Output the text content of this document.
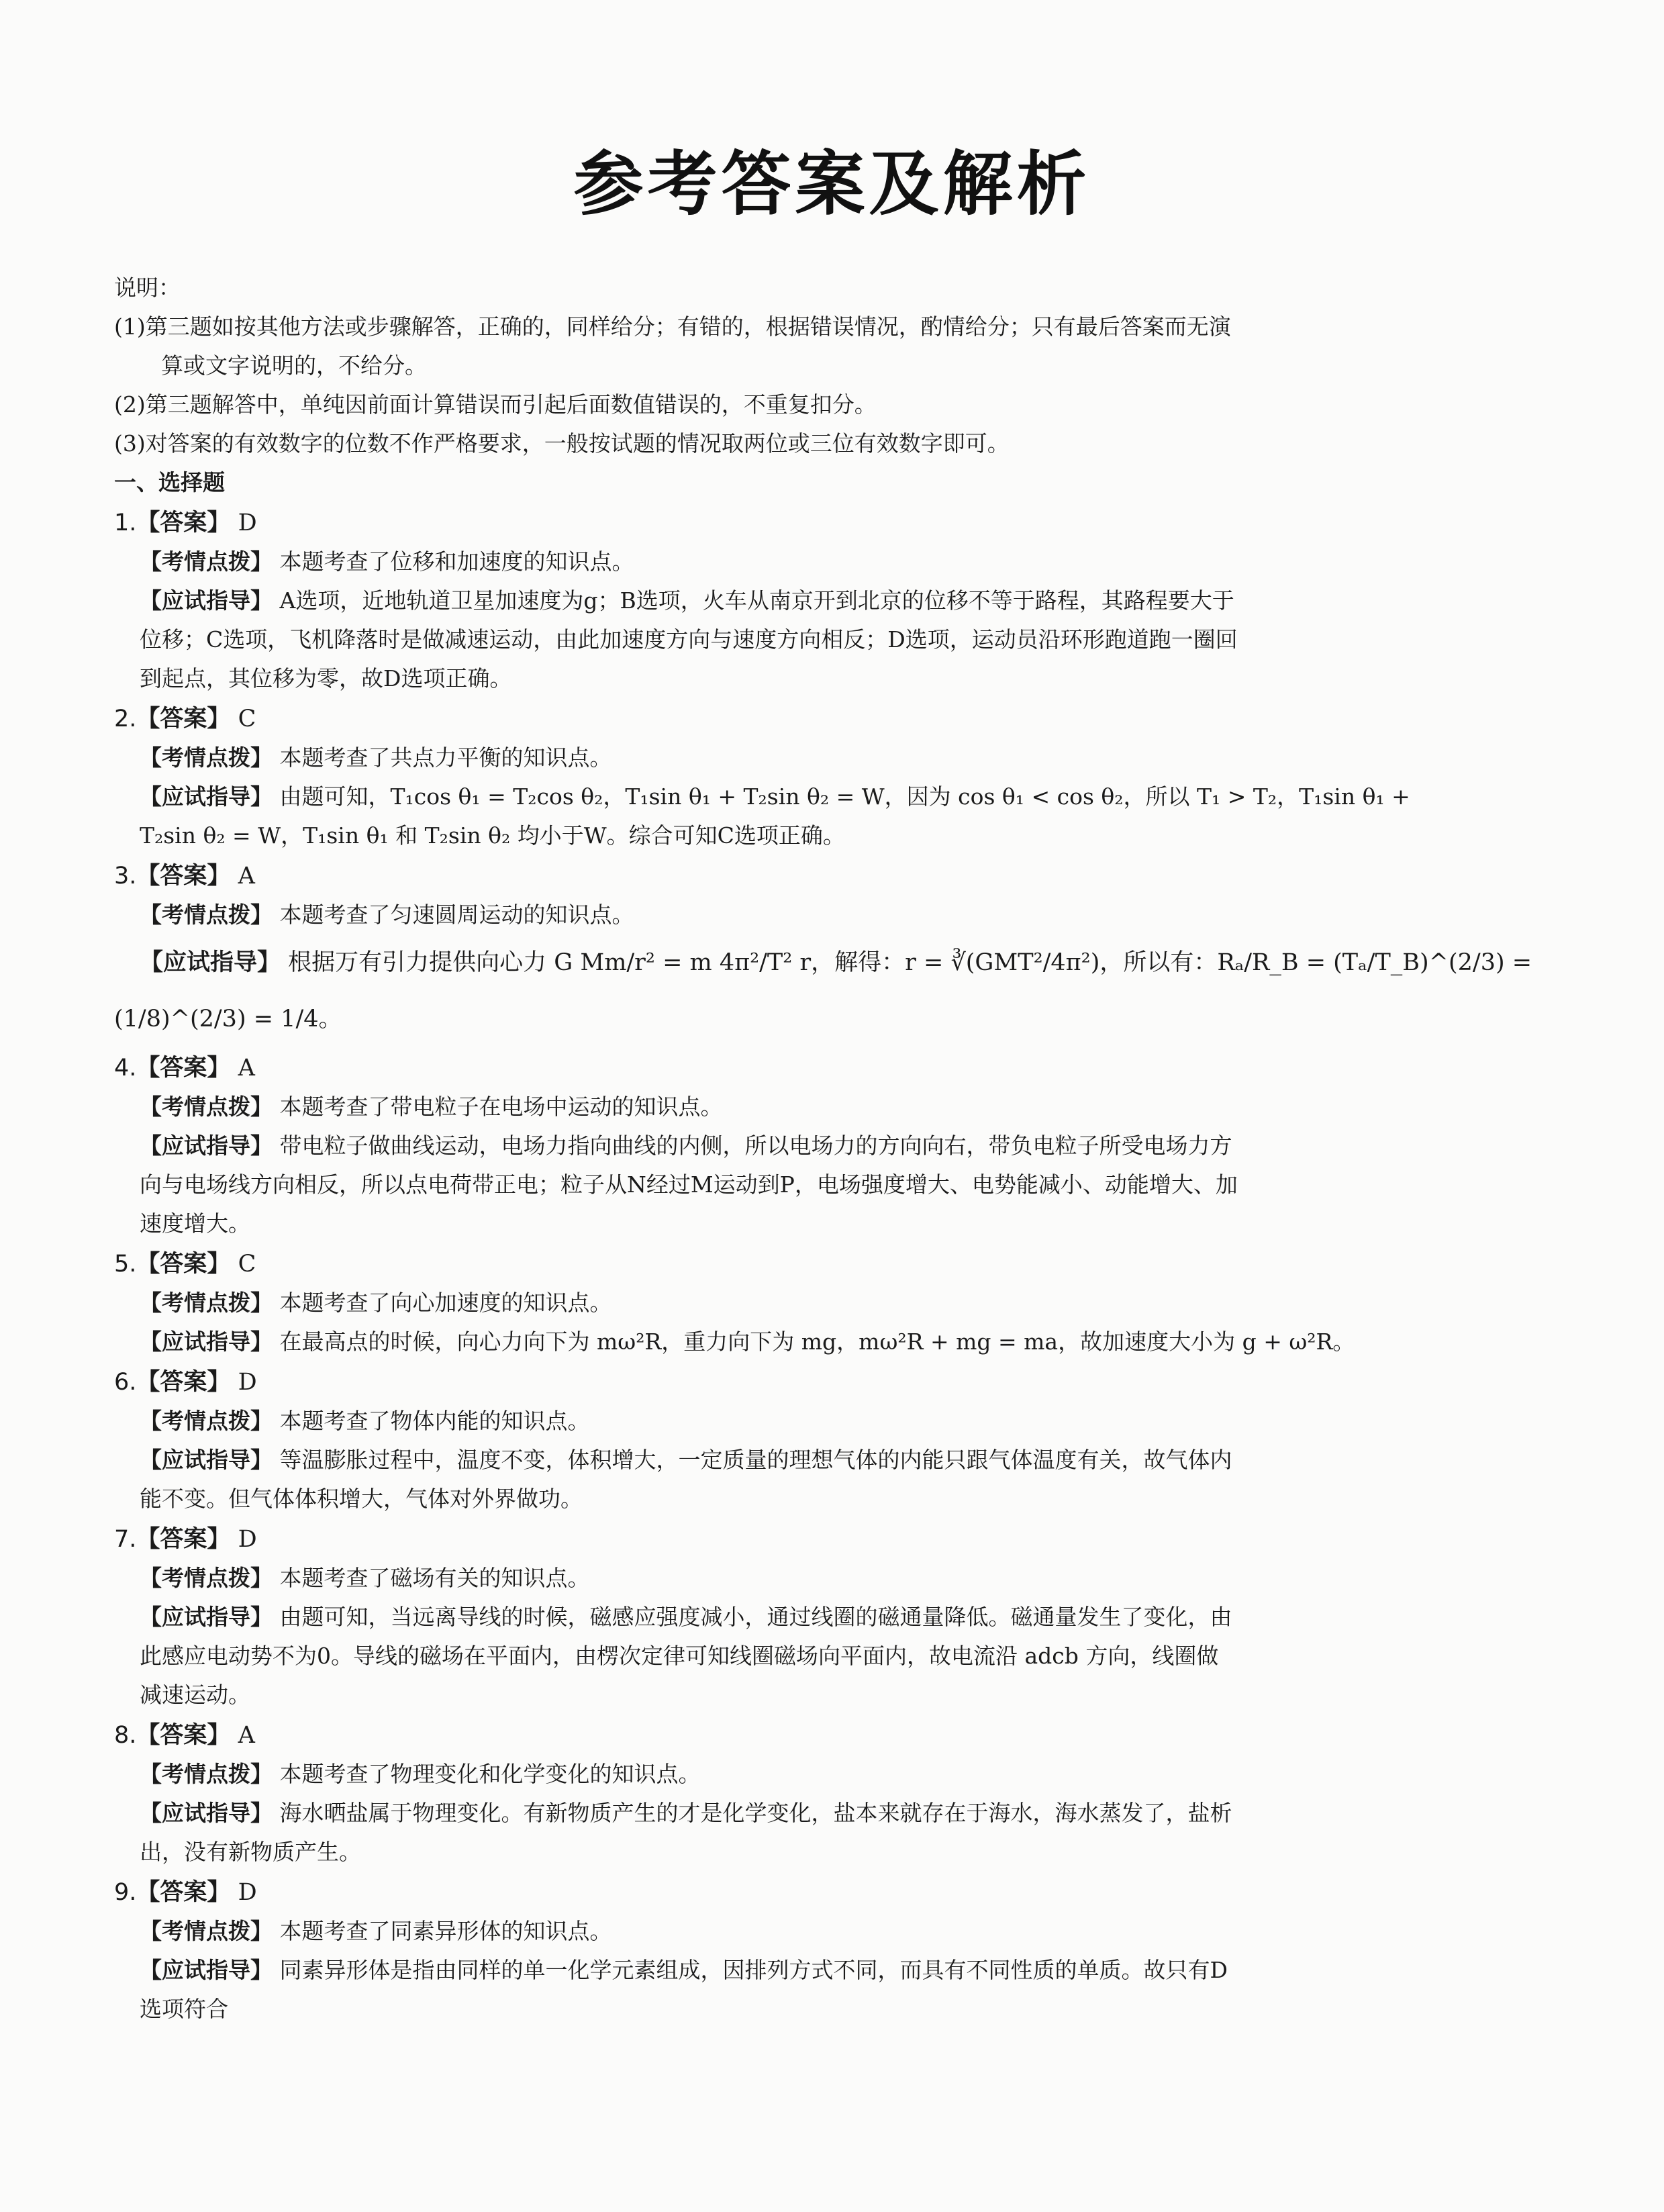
参考答案及解析
说明：
(1)第三题如按其他方法或步骤解答，正确的，同样给分；有错的，根据错误情况，酌情给分；只有最后答案而无演
算或文字说明的，不给分。
(2)第三题解答中，单纯因前面计算错误而引起后面数值错误的，不重复扣分。
(3)对答案的有效数字的位数不作严格要求，一般按试题的情况取两位或三位有效数字即可。
一、选择题
1.【答案】 D
【考情点拨】 本题考查了位移和加速度的知识点。
【应试指导】 A选项，近地轨道卫星加速度为g；B选项，火车从南京开到北京的位移不等于路程，其路程要大于
位移；C选项，飞机降落时是做减速运动，由此加速度方向与速度方向相反；D选项，运动员沿环形跑道跑一圈回
到起点，其位移为零，故D选项正确。
2.【答案】 C
【考情点拨】 本题考查了共点力平衡的知识点。
【应试指导】 由题可知，T₁cos θ₁ = T₂cos θ₂，T₁sin θ₁ + T₂sin θ₂ = W，因为 cos θ₁ < cos θ₂，所以 T₁ > T₂，T₁sin θ₁ +
T₂sin θ₂ = W，T₁sin θ₁ 和 T₂sin θ₂ 均小于W。综合可知C选项正确。
3.【答案】 A
【考情点拨】 本题考查了匀速圆周运动的知识点。
【应试指导】 根据万有引力提供向心力 G Mm/r² = m 4π²/T² r，解得：r = ∛(GMT²/4π²)，所以有：Rₐ/R_B = (Tₐ/T_B)^(2/3) =
(1/8)^(2/3) = 1/4。
4.【答案】 A
【考情点拨】 本题考查了带电粒子在电场中运动的知识点。
【应试指导】 带电粒子做曲线运动，电场力指向曲线的内侧，所以电场力的方向向右，带负电粒子所受电场力方
向与电场线方向相反，所以点电荷带正电；粒子从N经过M运动到P，电场强度增大、电势能减小、动能增大、加
速度增大。
5.【答案】 C
【考情点拨】 本题考查了向心加速度的知识点。
【应试指导】 在最高点的时候，向心力向下为 mω²R，重力向下为 mg，mω²R + mg = ma，故加速度大小为 g + ω²R。
6.【答案】 D
【考情点拨】 本题考查了物体内能的知识点。
【应试指导】 等温膨胀过程中，温度不变，体积增大，一定质量的理想气体的内能只跟气体温度有关，故气体内
能不变。但气体体积增大，气体对外界做功。
7.【答案】 D
【考情点拨】 本题考查了磁场有关的知识点。
【应试指导】 由题可知，当远离导线的时候，磁感应强度减小，通过线圈的磁通量降低。磁通量发生了变化，由
此感应电动势不为0。导线的磁场在平面内，由楞次定律可知线圈磁场向平面内，故电流沿 adcb 方向，线圈做
减速运动。
8.【答案】 A
【考情点拨】 本题考查了物理变化和化学变化的知识点。
【应试指导】 海水晒盐属于物理变化。有新物质产生的才是化学变化，盐本来就存在于海水，海水蒸发了，盐析
出，没有新物质产生。
9.【答案】 D
【考情点拨】 本题考查了同素异形体的知识点。
【应试指导】 同素异形体是指由同样的单一化学元素组成，因排列方式不同，而具有不同性质的单质。故只有D
选项符合
